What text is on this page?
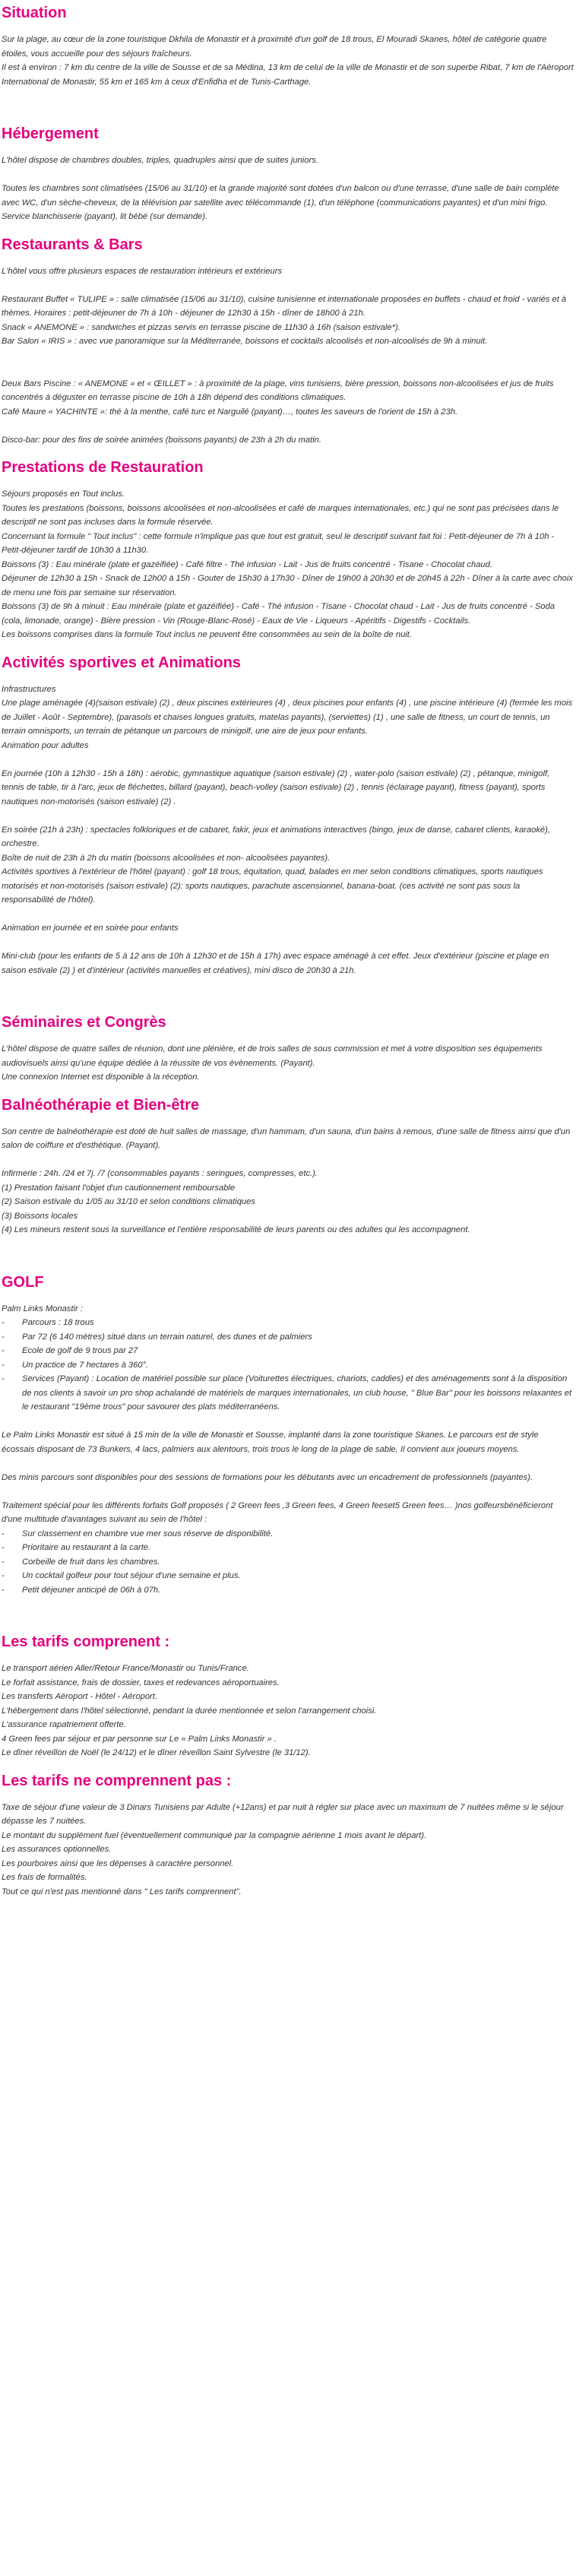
Situation

Sur la plage, au cœur de la zone touristique Dkhila de Monastir et à proximité d'un golf de 18 trous, El Mouradi Skanes, hôtel de catégorie quatre étoiles, vous accueille pour des séjours fraîcheurs.

Il est à environ : 7 km du centre de la ville de Sousse et de sa Médina, 13 km de celui de la ville de Monastir et de son superbe Ribat, 7 km de l'Aéroport International de Monastir, 55 km et 165 km à ceux d'Enfidha et de Tunis-Carthage.

Hébergement

L'hôtel dispose de chambres doubles, triples, quadruples ainsi que de suites juniors.

Toutes les chambres sont climatisées (15/06 au 31/10) et la grande majorité sont dotées d'un balcon ou d'une terrasse, d'une salle de bain complète avec WC, d'un sèche-cheveux, de la télévision par satellite avec télécommande (1), d'un téléphone (communications payantes) et d'un mini frigo. Service blanchisserie (payant), lit bébé (sur demande).

Restaurants & Bars

L'hôtel vous offre plusieurs espaces de restauration intérieurs et extérieurs

Restaurant Buffet « TULIPE » : salle climatisée (15/06 au 31/10), cuisine tunisienne et internationale proposées en buffets - chaud et froid - variés et à thèmes. Horaires : petit-déjeuner de 7h à 10h - déjeuner de 12h30 à 15h - dîner de 18h00 à 21h.

Snack « ANEMONE » : sandwiches et pizzas servis en terrasse piscine de 11h30 à 16h (saison estivale*).

Bar Salon « IRIS » : avec vue panoramique sur la Méditerranée, boissons et cocktails alcoolisés et non-alcoolisés de 9h à minuit.

Deux Bars Piscine : « ANEMONE » et « ŒILLET » : à proximité de la plage, vins tunisiens, bière pression, boissons non-alcoolisées et jus de fruits concentrés à déguster en terrasse piscine de 10h à 18h dépend des conditions climatiques.

Café Maure « YACHINTE »: thé à la menthe, café turc et Narguilé (payant)…, toutes les saveurs de l'orient de 15h à 23h.

Disco-bar: pour des fins de soirée animées (boissons payants) de 23h à 2h du matin.

Prestations de Restauration

Séjours proposés en Tout inclus.

Toutes les prestations (boissons, boissons alcoolisées et non-alcoolisées et café de marques internationales, etc.) qui ne sont pas précisées dans le descriptif ne sont pas incluses dans la formule réservée.

Concernant la formule " Tout inclus" : cette formule n'implique pas que tout est gratuit, seul le descriptif suivant fait foi : Petit-déjeuner de 7h à 10h - Petit-déjeuner tardif de 10h30 à 11h30.

Boissons (3) : Eau minérale (plate et gazéifiée) - Café filtre - Thé infusion - Lait - Jus de fruits concentré - Tisane - Chocolat chaud.

Déjeuner de 12h30 à 15h - Snack de 12h00 à 15h - Gouter de 15h30 à 17h30 - Dîner de 19h00 à 20h30 et de 20h45 à 22h - Dîner à la carte avec choix de menu une fois par semaine sur réservation.

Boissons (3) de 9h à minuit : Eau minérale (plate et gazéifiée) - Café - Thé infusion - Tisane - Chocolat chaud - Lait - Jus de fruits concentré - Soda (cola, limonade, orange) - Bière pression - Vin (Rouge-Blanc-Rosé) - Eaux de Vie - Liqueurs - Apéritifs - Digestifs - Cocktails.

Les boissons comprises dans la formule Tout inclus ne peuvent être consommées au sein de la boîte de nuit.

Activités sportives et Animations

Infrastructures

Une plage aménagée (4)(saison estivale) (2) , deux piscines extérieures (4) , deux piscines pour enfants (4) , une piscine intérieure (4) (fermée les mois de Juillet - Août - Septembre), (parasols et chaises longues gratuits, matelas payants), (serviettes) (1) , une salle de fitness, un court de tennis, un terrain omnisports, un terrain de pétanque un parcours de minigolf, une aire de jeux pour enfants.

Animation pour adultes

En journée (10h à 12h30 - 15h à 18h) : aérobic, gymnastique aquatique (saison estivale) (2) , water-polo (saison estivale) (2) , pétanque, minigolf, tennis de table, tir à l'arc, jeux de fléchettes, billard (payant), beach-volley (saison estivale) (2) , tennis (éclairage payant), fitness (payant), sports nautiques non-motorisés (saison estivale) (2) .

En soirée (21h à 23h) : spectacles folkloriques et de cabaret, fakir, jeux et animations interactives (bingo, jeux de danse, cabaret clients, karaoké), orchestre.

Boîte de nuit de 23h à 2h du matin (boissons alcoolisées et non- alcoolisées payantes).

Activités sportives à l'extérieur de l'hôtel (payant) : golf 18 trous, équitation, quad, balades en mer selon conditions climatiques, sports nautiques motorisés et non-motorisés (saison estivale) (2): sports nautiques, parachute ascensionnel, banana-boat. (ces activité ne sont pas sous la responsabilité de l'hôtel).

Animation en journée et en soirée pour enfants

Mini-club (pour les enfants de 5 à 12 ans de 10h à 12h30 et de 15h à 17h) avec espace aménagé à cet effet. Jeux d'extérieur (piscine et plage en saison estivale (2) ) et d'intérieur (activités manuelles et créatives), mini disco de 20h30 à 21h.

Séminaires et Congrès

L'hôtel dispose de quatre salles de réunion, dont une plénière, et de trois salles de sous commission et met à votre disposition ses équipements audiovisuels ainsi qu'une équipe dédiée à la réussite de vos évènements. (Payant).

Une connexion Internet est disponible à la réception.

Balnéothérapie et Bien-être

Son centre de balnéothérapie est doté de huit salles de massage, d'un hammam, d'un sauna, d'un bains à remous, d'une salle de fitness ainsi que d'un salon de coiffure et d'esthétique. (Payant).

Infirmerie : 24h. /24 et 7j. /7 (consommables payants : seringues, compresses, etc.).

(1) Prestation faisant l'objet d'un cautionnement remboursable

(2) Saison estivale du 1/05 au 31/10 et selon conditions climatiques

(3) Boissons locales

(4) Les mineurs restent sous la surveillance et l'entière responsabilité de leurs parents ou des adultes qui les accompagnent.

GOLF

Palm Links Monastir :

- Parcours : 18 trous
- Par 72 (6 140 mètres) situé dans un terrain naturel, des dunes et de palmiers
- Ecole de golf de 9 trous par 27
- Un practice de 7 hectares à 360°.
- Services (Payant) : Location de matériel possible sur place (Voiturettes électriques, chariots, caddies) et des aménagements sont à la disposition de nos clients à savoir un pro shop achalandé de matériels de marques internationales, un club house, " Blue Bar" pour les boissons relaxantes et le restaurant "19ème trous" pour savourer des plats méditerranéens.

Le Palm Links Monastir est situé à 15 min de la ville de Monastir et Sousse, implanté dans la zone touristique Skanes. Le parcours est de style écossais disposant de 73 Bunkers, 4 lacs, palmiers aux alentours, trois trous le long de la plage de sable, Il convient aux joueurs moyens.

Des minis parcours sont disponibles pour des sessions de formations pour les débutants avec un encadrement de professionnels (payantes).

Traitement spécial pour les différents forfaits Golf proposés ( 2 Green fees ,3 Green fees, 4 Green feeset5 Green fees… )nos golfeursbénéficieront d'une multitude d'avantages suivant au sein de l'hôtel :

- Sur classement en chambre vue mer sous réserve de disponibilité.
- Prioritaire au restaurant à la carte.
- Corbeille de fruit dans les chambres.
- Un cocktail golfeur pour tout séjour d'une semaine et plus.
- Petit déjeuner anticipé de 06h à 07h.
Les tarifs comprenent :

Le transport aérien Aller/Retour France/Monastir ou Tunis/France.

Le forfait assistance, frais de dossier, taxes et redevances aéroportuaires.

Les transferts Aéroport - Hôtel - Aéroport.

L'hébergement dans l'hôtel sélectionné, pendant la durée mentionnée et selon l'arrangement choisi.

L'assurance rapatriement offerte.

4 Green fees par séjour et par personne sur Le « Palm Links Monastir » .

Le dîner réveillon de Noël (le 24/12) et le dîner réveillon Saint Sylvestre (le 31/12).

Les tarifs ne comprennent pas :

Taxe de séjour d'une valeur de 3 Dinars Tunisiens par Adulte (+12ans) et par nuit à régler sur place avec un maximum de 7 nuitées même si le séjour dépasse les 7 nuitées.

Le montant du supplément fuel (éventuellement communiqué par la compagnie aérienne 1 mois avant le départ).

Les assurances optionnelles.

Les pourboires ainsi que les dépenses à caractère personnel.

Les frais de formalités.

Tout ce qui n'est pas mentionné dans " Les tarifs comprennent".
